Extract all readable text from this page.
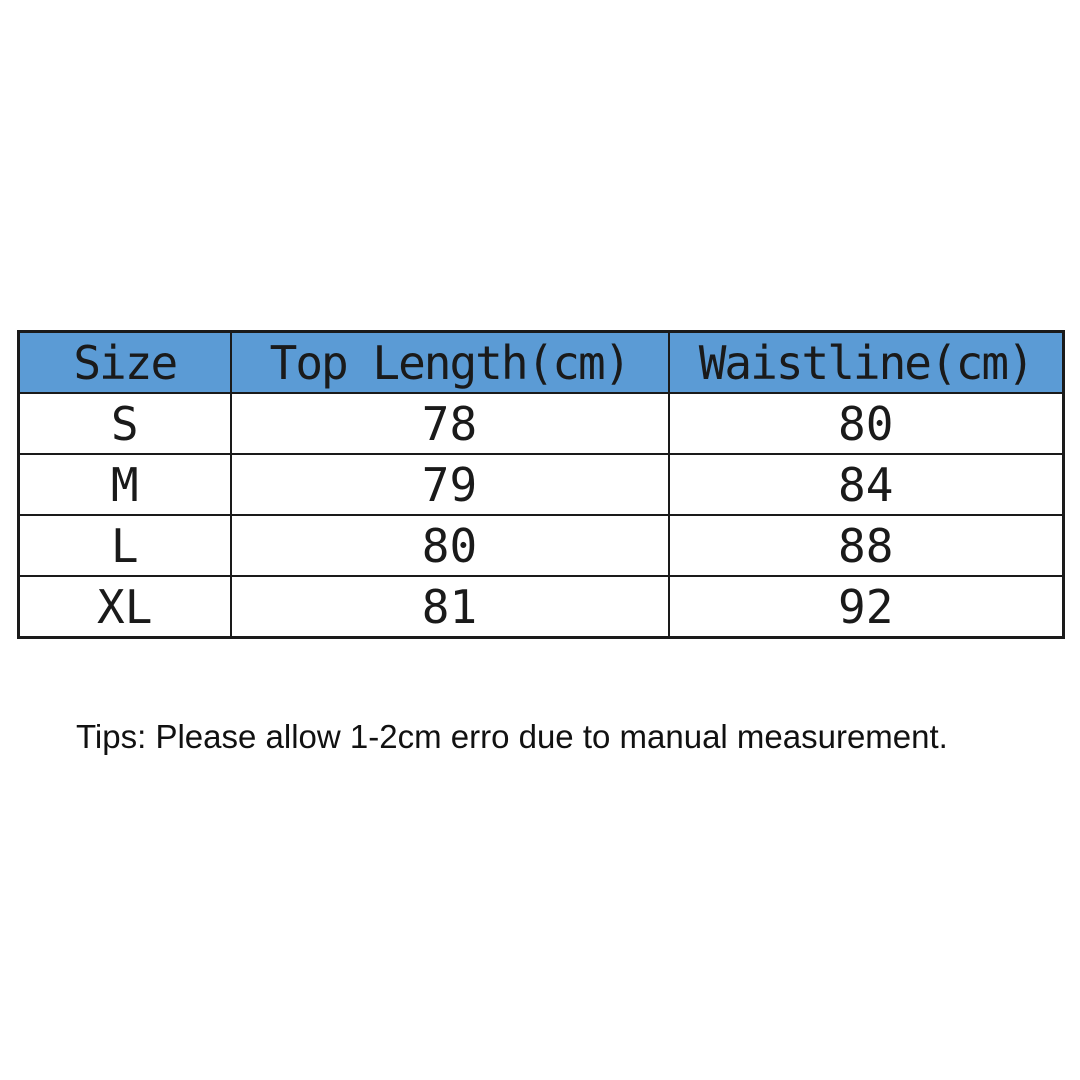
Size	Top Length(cm)	Waistline(cm)
S	78	80
M	79	84
L	80	88
XL	81	92
Tips: Please allow 1-2cm erro due to manual measurement.
